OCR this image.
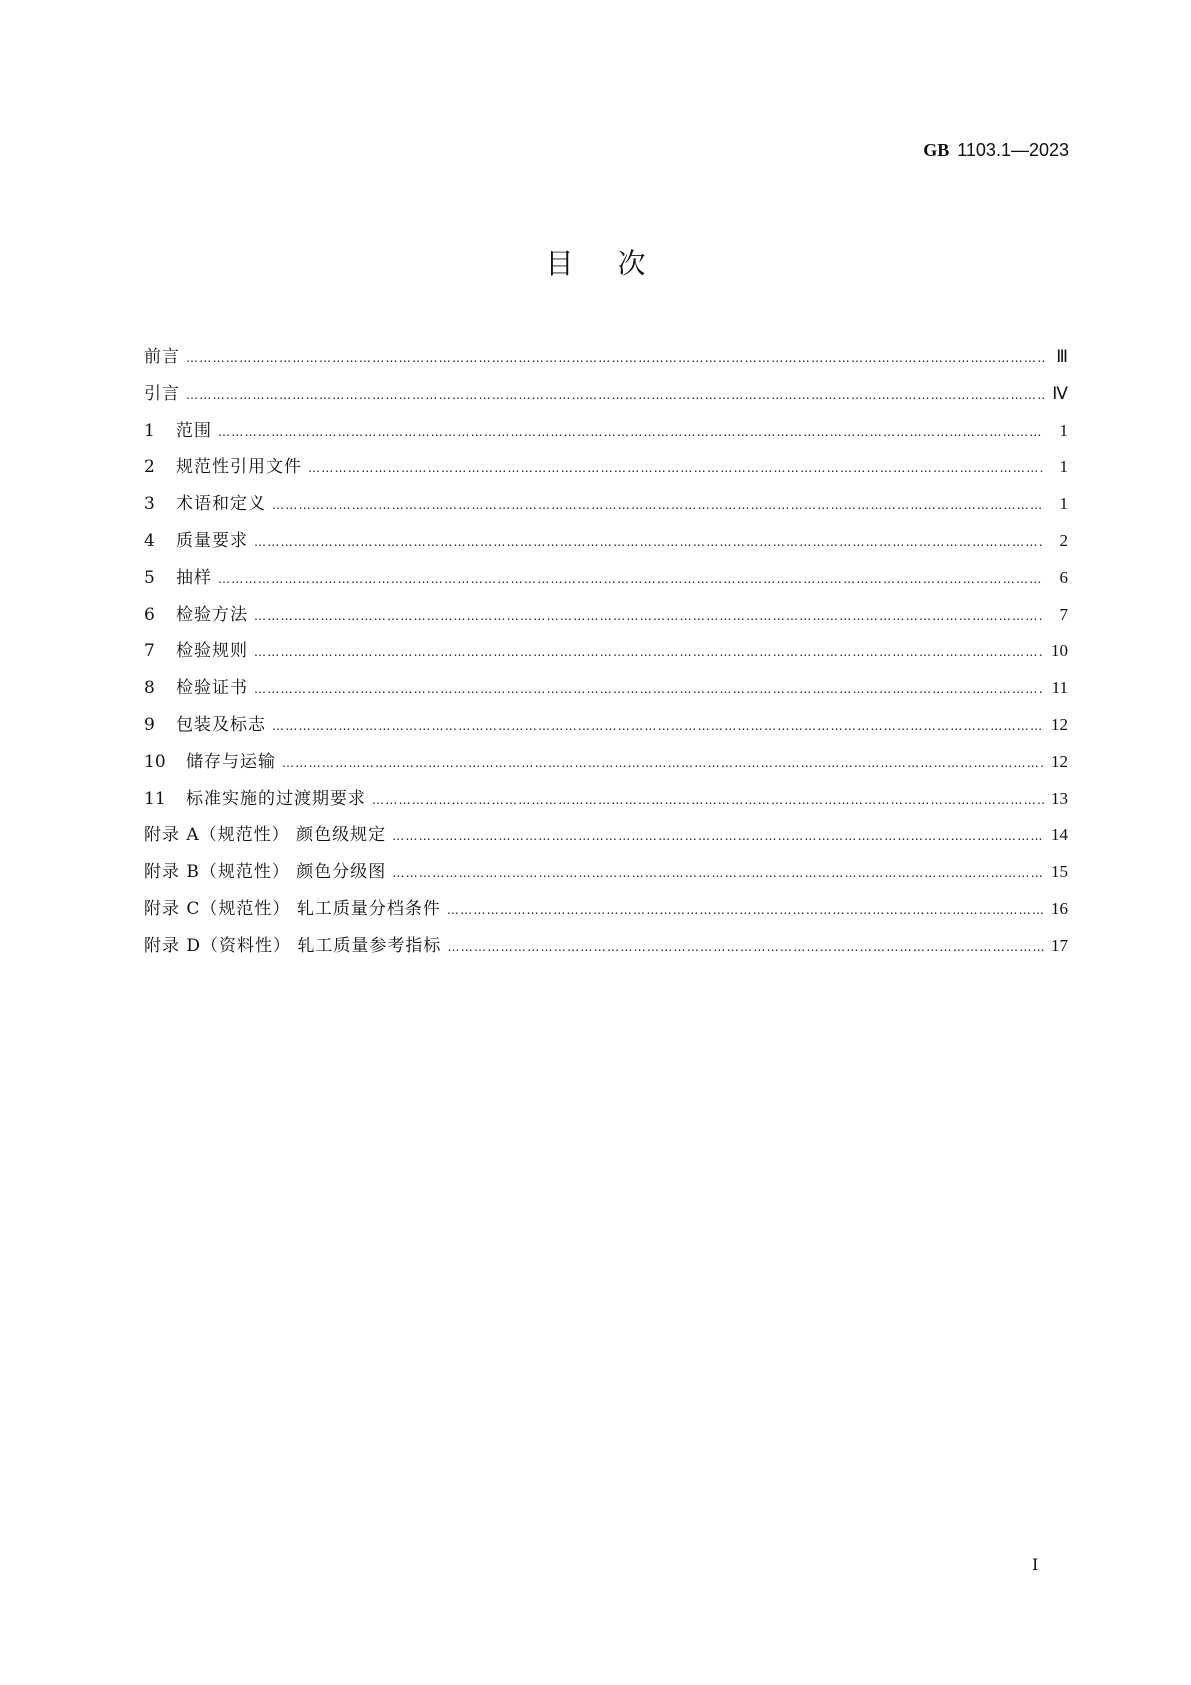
GB 1103.1—2023
目次
前言 ……………………………………………………………………………………………………………………………………………………………………………………………………………………	Ⅲ
引言 ……………………………………………………………………………………………………………………………………………………………………………………………………………………	Ⅳ
1	范围 ……………………………………………………………………………………………………………………………………………………………………………………………………………………	1
2	规范性引用文件 ……………………………………………………………………………………………………………………………………………………………………………………………………………………	1
3	术语和定义 ……………………………………………………………………………………………………………………………………………………………………………………………………………………	1
4	质量要求 ……………………………………………………………………………………………………………………………………………………………………………………………………………………	2
5	抽样 ……………………………………………………………………………………………………………………………………………………………………………………………………………………	6
6	检验方法 ……………………………………………………………………………………………………………………………………………………………………………………………………………………	7
7	检验规则 ……………………………………………………………………………………………………………………………………………………………………………………………………………………	10
8	检验证书 ……………………………………………………………………………………………………………………………………………………………………………………………………………………	11
9	包装及标志 ……………………………………………………………………………………………………………………………………………………………………………………………………………………	12
10	储存与运输 ……………………………………………………………………………………………………………………………………………………………………………………………………………………	12
11	标准实施的过渡期要求 ……………………………………………………………………………………………………………………………………………………………………………………………………………………	13
附录 A（规范性） 颜色级规定 ……………………………………………………………………………………………………………………………………………………………………………………………………………………	14
附录 B（规范性） 颜色分级图 ……………………………………………………………………………………………………………………………………………………………………………………………………………………	15
附录 C（规范性） 轧工质量分档条件 ……………………………………………………………………………………………………………………………………………………………………………………………………………………	16
附录 D（资料性） 轧工质量参考指标 ……………………………………………………………………………………………………………………………………………………………………………………………………………………	17
I
